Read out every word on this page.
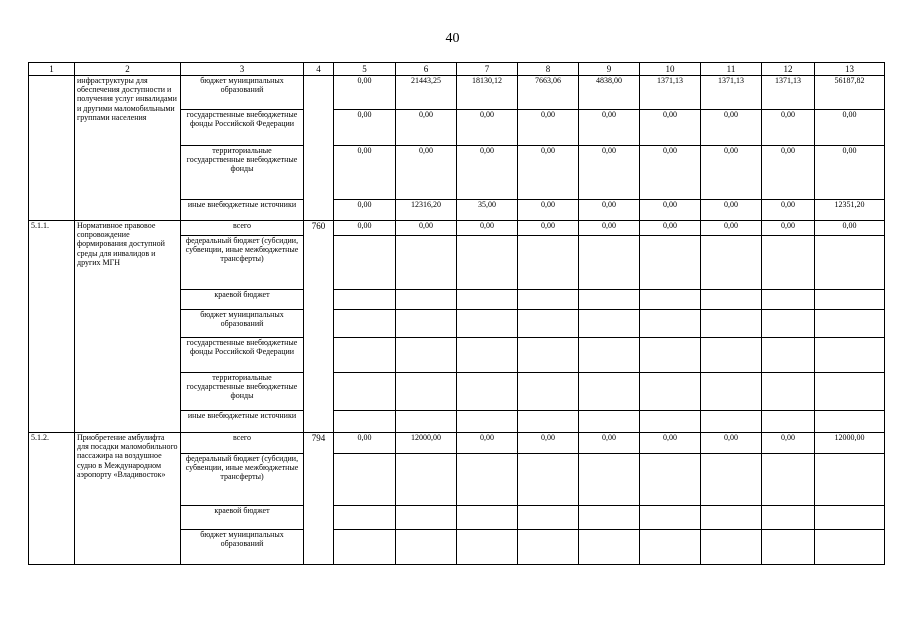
40
1	2	3	4	5	6	7	8	9	10	11	12	13
	инфраструктуры для обеспечения доступности и получения услуг инвалидами и другими маломобильными группами населения	бюджет муниципальных образований		0,00	21443,25	18130,12	7663,06	4838,00	1371,13	1371,13	1371,13	56187,82
		государственные внебюджетные фонды Российской Федерации		0,00	0,00	0,00	0,00	0,00	0,00	0,00	0,00	0,00
		территориальные государственные внебюджетные фонды		0,00	0,00	0,00	0,00	0,00	0,00	0,00	0,00	0,00
		иные внебюджетные источники		0,00	12316,20	35,00	0,00	0,00	0,00	0,00	0,00	12351,20
5.1.1.	Нормативное правовое сопровождение формирования доступной среды для инвалидов и других МГН	всего	760	0,00	0,00	0,00	0,00	0,00	0,00	0,00	0,00	0,00
		федеральный бюджет (субсидии, субвенции, иные межбюджетные трансферты)										
		краевой бюджет										
		бюджет муниципальных образований										
		государственные внебюджетные фонды Российской Федерации										
		территориальные государственные внебюджетные фонды										
		иные внебюджетные источники										
5.1.2.	Приобретение амбулифта для посадки маломобильного пассажира на воздушное судно в Международном аэропорту «Владивосток»	всего	794	0,00	12000,00	0,00	0,00	0,00	0,00	0,00	0,00	12000,00
		федеральный бюджет (субсидии, субвенции, иные межбюджетные трансферты)										
		краевой бюджет										
		бюджет муниципальных образований										
